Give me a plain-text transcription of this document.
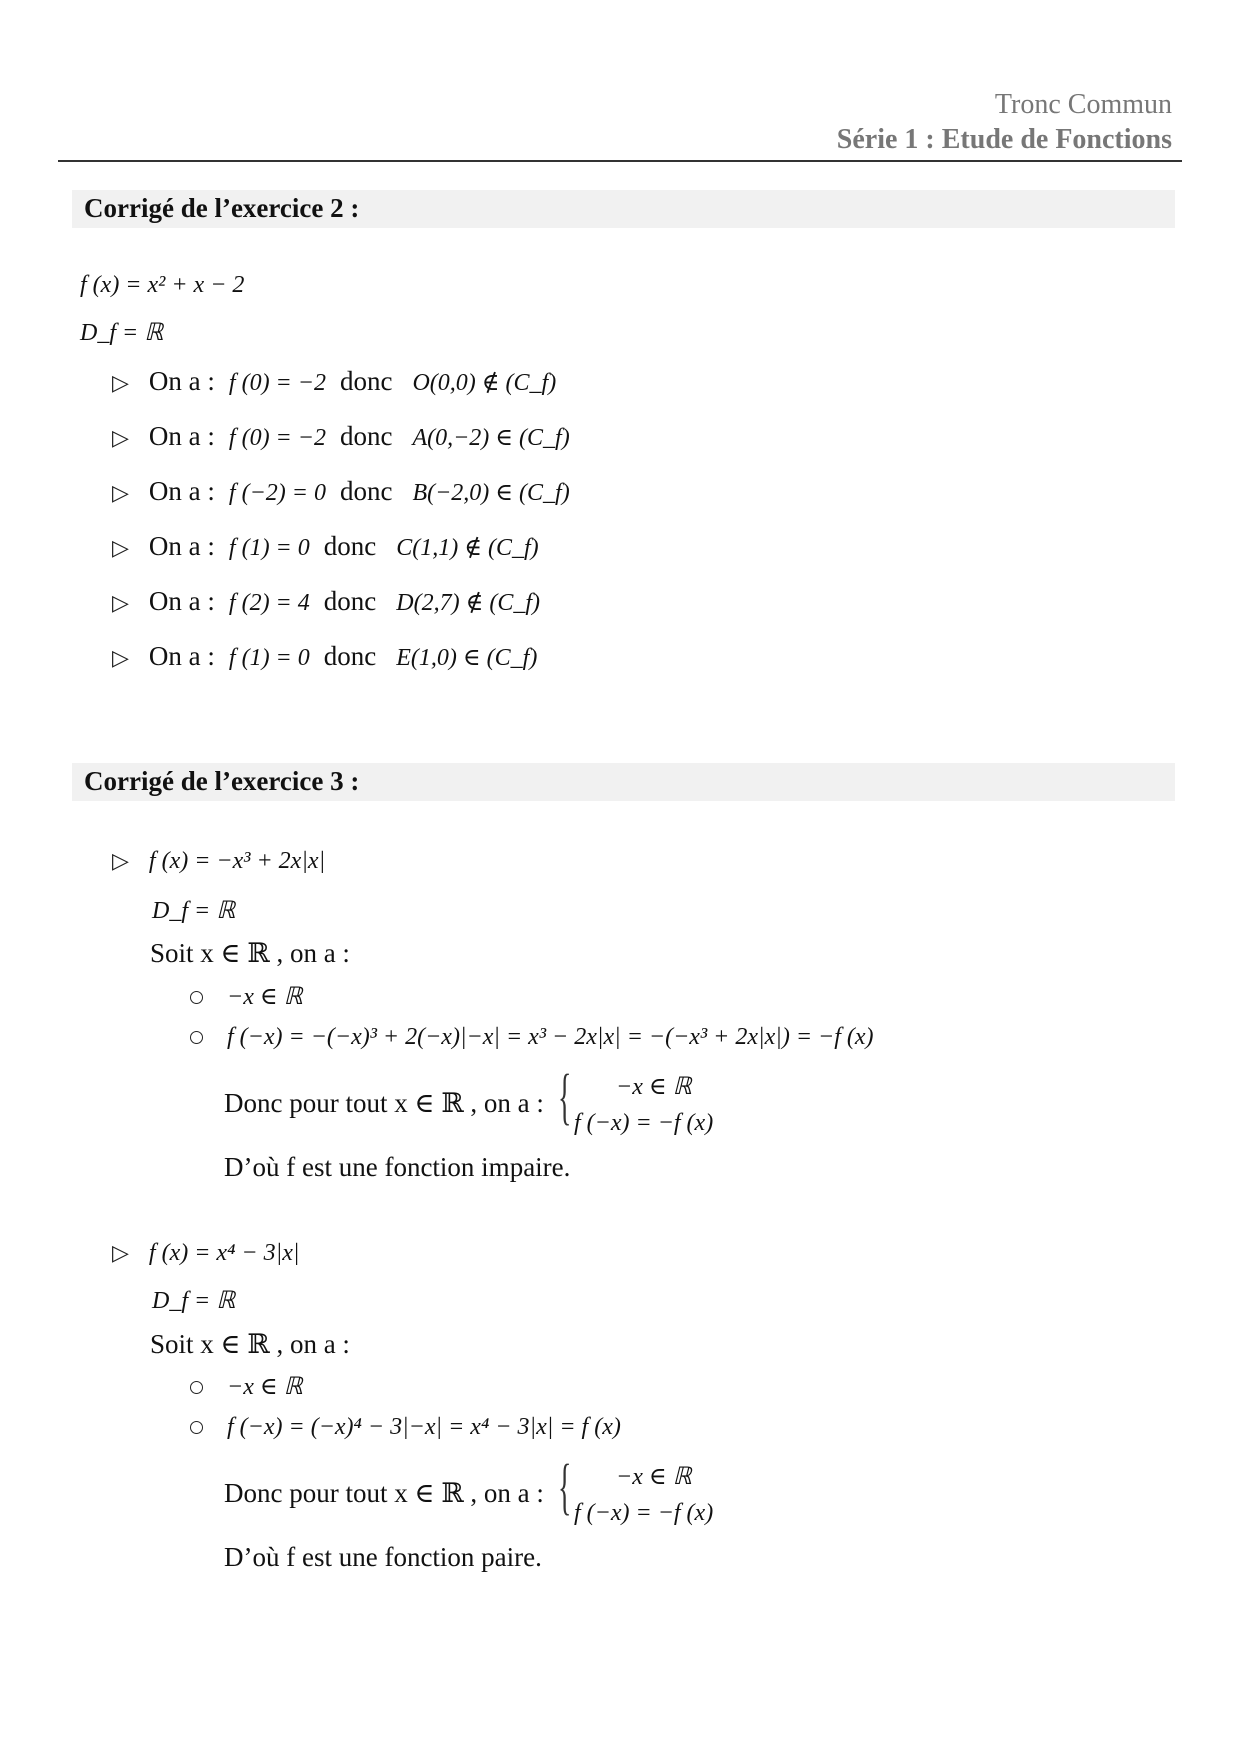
Tronc Commun
Série 1 : Etude de Fonctions
Corrigé de l’exercice 2 :
f (x) = x² + x − 2
D_f = ℝ
▷ On a : f (0) = −2 donc O(0,0) ∉ (C_f)
▷ On a : f (0) = −2 donc A(0,−2) ∈ (C_f)
▷ On a : f (−2) = 0 donc B(−2,0) ∈ (C_f)
▷ On a : f (1) = 0 donc C(1,1) ∉ (C_f)
▷ On a : f (2) = 4 donc D(2,7) ∉ (C_f)
▷ On a : f (1) = 0 donc E(1,0) ∈ (C_f)
Corrigé de l’exercice 3 :
▷ f (x) = −x³ + 2x|x|
D_f = ℝ
Soit x ∈ ℝ , on a :
−x ∈ ℝ
f (−x) = −(−x)³ + 2(−x)|−x| = x³ − 2x|x| = −(−x³ + 2x|x|) = −f (x)
Donc pour tout x ∈ ℝ , on a : { −x ∈ ℝ
f (−x) = −f (x)
D’où f est une fonction impaire.
▷ f (x) = x⁴ − 3|x|
D_f = ℝ
Soit x ∈ ℝ , on a :
−x ∈ ℝ
f (−x) = (−x)⁴ − 3|−x| = x⁴ − 3|x| = f (x)
Donc pour tout x ∈ ℝ , on a : { −x ∈ ℝ
f (−x) = −f (x)
D’où f est une fonction paire.
